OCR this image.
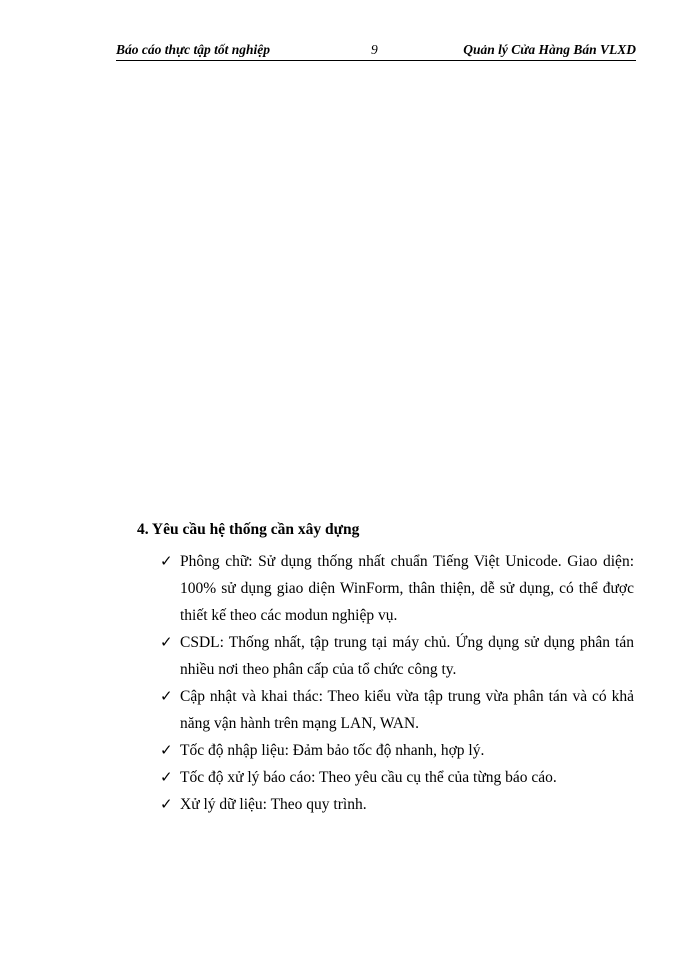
Báo cáo thực tập tốt nghiệp	9	Quản lý Cửa Hàng Bán VLXD
4. Yêu cầu hệ thống cần xây dựng
✓ Phông chữ: Sử dụng thống nhất chuẩn Tiếng Việt Unicode. Giao diện: 100% sử dụng giao diện WinForm, thân thiện, dễ sử dụng, có thể được thiết kế theo các modun nghiệp vụ.
✓ CSDL: Thống nhất, tập trung tại máy chủ. Ứng dụng sử dụng phân tán nhiều nơi theo phân cấp của tổ chức công ty.
✓ Cập nhật và khai thác: Theo kiểu vừa tập trung vừa phân tán và có khả năng vận hành trên mạng LAN, WAN.
✓ Tốc độ nhập liệu: Đảm bảo tốc độ nhanh, hợp lý.
✓ Tốc độ xử lý báo cáo: Theo yêu cầu cụ thể của từng báo cáo.
✓ Xử lý dữ liệu: Theo quy trình.
